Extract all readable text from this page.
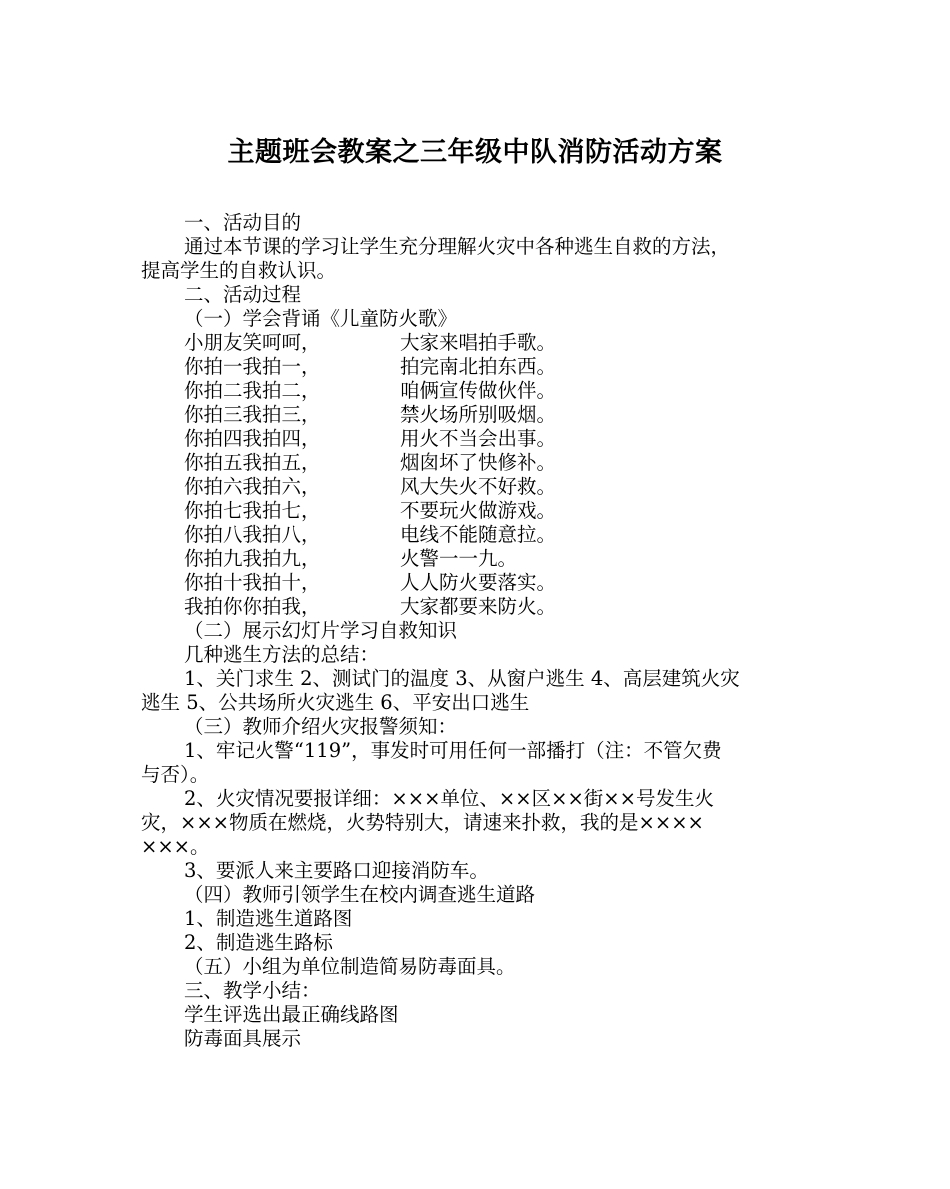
主题班会教案之三年级中队消防活动方案

一、活动目的

通过本节课的学习让学生充分理解火灾中各种逃生自救的方法，

提高学生的自救认识。

二、活动过程

（一）学会背诵《儿童防火歌》

小朋友笑呵呵，	大家来唱拍手歌。
你拍一我拍一，	拍完南北拍东西。
你拍二我拍二，	咱俩宣传做伙伴。
你拍三我拍三，	禁火场所别吸烟。
你拍四我拍四，	用火不当会出事。
你拍五我拍五，	烟囱坏了快修补。
你拍六我拍六，	风大失火不好救。
你拍七我拍七，	不要玩火做游戏。
你拍八我拍八，	电线不能随意拉。
你拍九我拍九，	火警一一九。
你拍十我拍十，	人人防火要落实。
我拍你你拍我，	大家都要来防火。

（二）展示幻灯片学习自救知识

几种逃生方法的总结：

1、关门求生 2、测试门的温度 3、从窗户逃生 4、高层建筑火灾

逃生 5、公共场所火灾逃生 6、平安出口逃生

（三）教师介绍火灾报警须知：

1、牢记火警“119”，事发时可用任何一部播打（注：不管欠费

与否）。

2、火灾情况要报详细：×××单位、××区××街××号发生火

灾，×××物质在燃烧，火势特别大，请速来扑救，我的是××××

×××。

3、要派人来主要路口迎接消防车。

（四）教师引领学生在校内调查逃生道路

1、制造逃生道路图

2、制造逃生路标

（五）小组为单位制造简易防毒面具。

三、教学小结：

学生评选出最正确线路图

防毒面具展示
